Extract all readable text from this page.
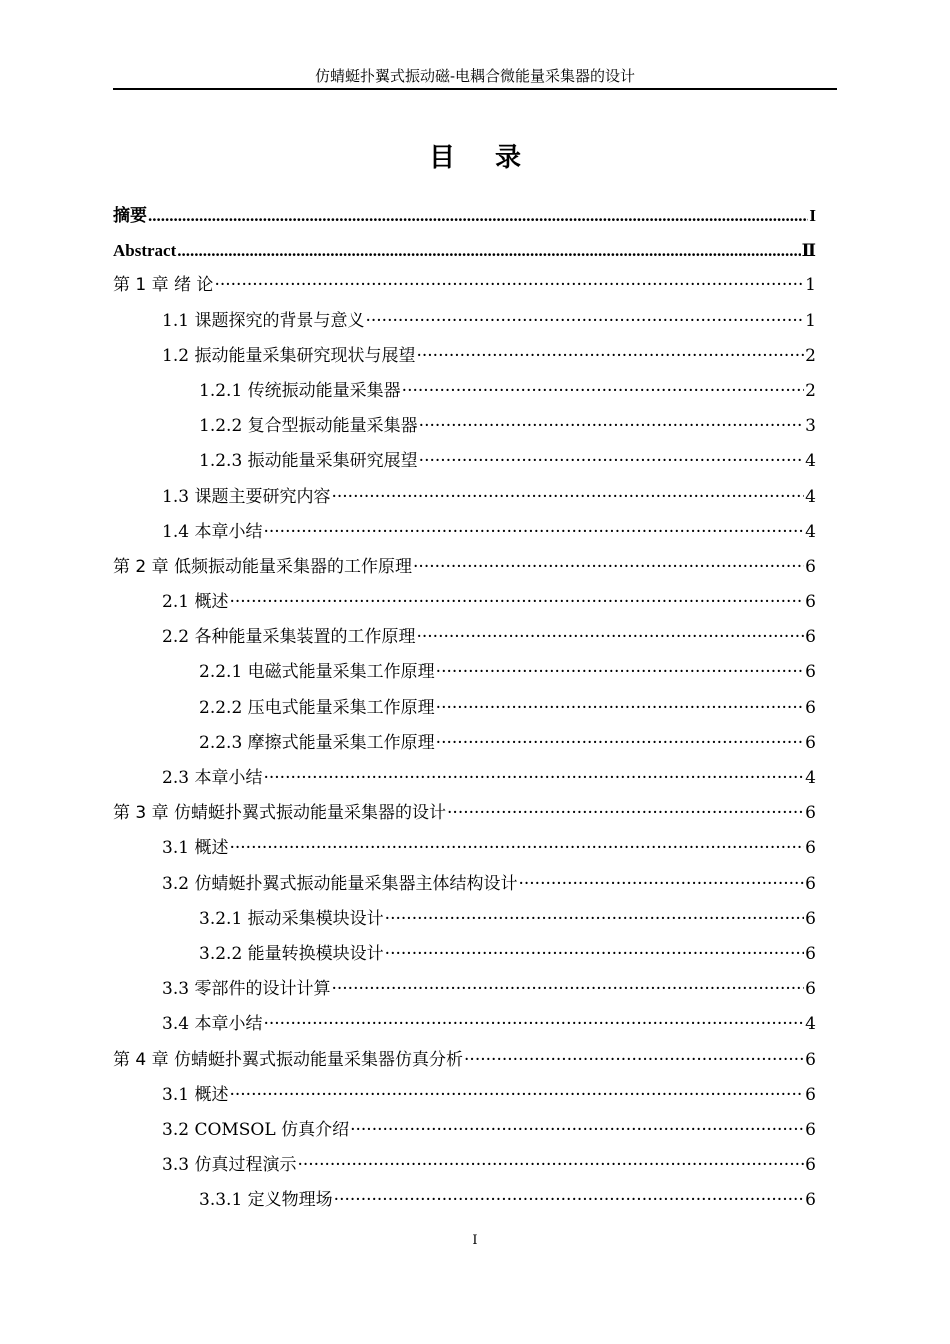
仿蜻蜓扑翼式振动磁-电耦合微能量采集器的设计
目录
摘要 .....	I
Abstract .....	Ⅱ
第 1 章 绪 论 ·····	1
1.1 课题探究的背景与意义 ·····	1
1.2 振动能量采集研究现状与展望 ·····	2
1.2.1 传统振动能量采集器 ·····	2
1.2.2 复合型振动能量采集器 ·····	3
1.2.3 振动能量采集研究展望 ·····	4
1.3 课题主要研究内容 ·····	4
1.4 本章小结 ·····	4
第 2 章 低频振动能量采集器的工作原理 ·····	6
2.1 概述 ·····	6
2.2 各种能量采集装置的工作原理 ·····	6
2.2.1 电磁式能量采集工作原理 ·····	6
2.2.2 压电式能量采集工作原理 ·····	6
2.2.3 摩擦式能量采集工作原理 ·····	6
2.3 本章小结 ·····	4
第 3 章 仿蜻蜓扑翼式振动能量采集器的设计 ·····	6
3.1 概述 ·····	6
3.2 仿蜻蜓扑翼式振动能量采集器主体结构设计 ·····	6
3.2.1 振动采集模块设计 ·····	6
3.2.2 能量转换模块设计 ·····	6
3.3 零部件的设计计算 ·····	6
3.4 本章小结 ·····	4
第 4 章 仿蜻蜓扑翼式振动能量采集器仿真分析 ·····	6
3.1 概述 ·····	6
3.2 COMSOL 仿真介绍 ·····	6
3.3 仿真过程演示 ·····	6
3.3.1 定义物理场 ·····	6
I
